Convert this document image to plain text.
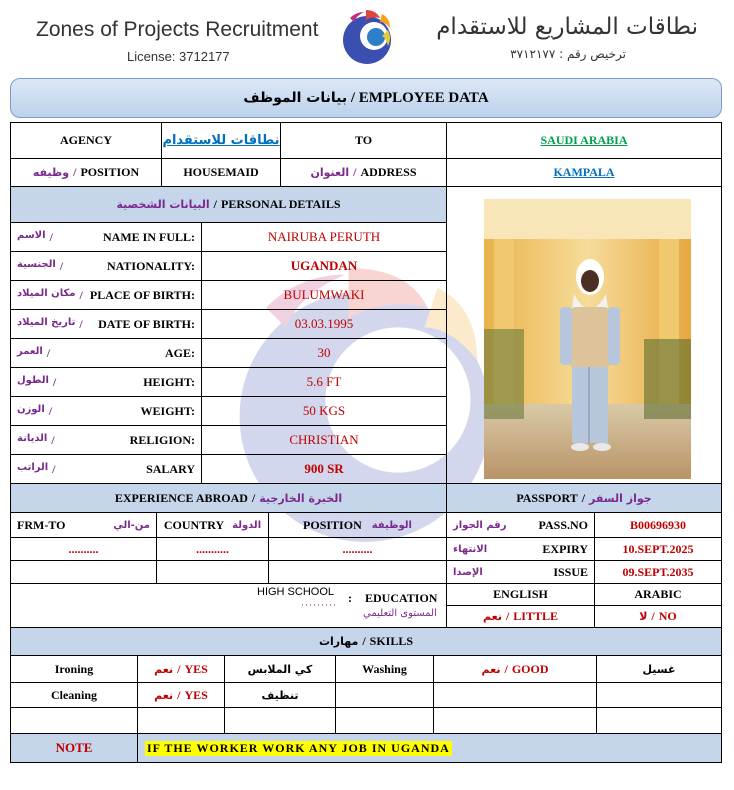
Zones of Projects Recruitment
License: 3712177
نطاقات المشاريع للاستقدام
ترخيص رقم : ٣٧١٢١٧٧
بيانات الموظف / EMPLOYEE DATA
AGENCY	نطاقات للاستقدام	TO	SAUDI ARABIA
وظيفه / POSITION	HOUSEMAID	العنوان / ADDRESS	KAMPALA
البيانات الشخصية / PERSONAL DETAILS
الاسم /	NAME IN FULL:	NAIRUBA PERUTH
الجنسية /	NATIONALITY:	UGANDAN
مكان الميلاد / PLACE OF BIRTH:	BULUMWAKI
تاريخ الميلاد / DATE OF BIRTH:	03.03.1995
العمر /	AGE:	30
الطول /	HEIGHT:	5.6 FT
الوزن /	WEIGHT:	50 KGS
الديانة /	RELIGION:	CHRISTIAN
الراتب /	SALARY	900 SR
EXPERIENCE ABROAD / الخبرة الخارجية	PASSPORT / جواز السفر
FRM-TO	من-الي COUNTRY الدولة	POSITION الوظيفة
..........	...........	..........
رقم الجواز	PASS.NO	B00696930
الانتهاء	EXPIRY	10.SEPT.2025
الإصدا	ISSUE	09.SEPT.2035
HIGH SCHOOL
········· : EDUCATION
المستوى التعليمي
ENGLISH	ARABIC
نعم / LITTLE	لا / NO
مهارات / SKILLS
Ironing	نعم / YES	كي الملابس	Washing	نعم / GOOD	غسيل
Cleaning	نعم / YES	تنظيف
NOTE	IF THE WORKER WORK ANY JOB IN UGANDA
